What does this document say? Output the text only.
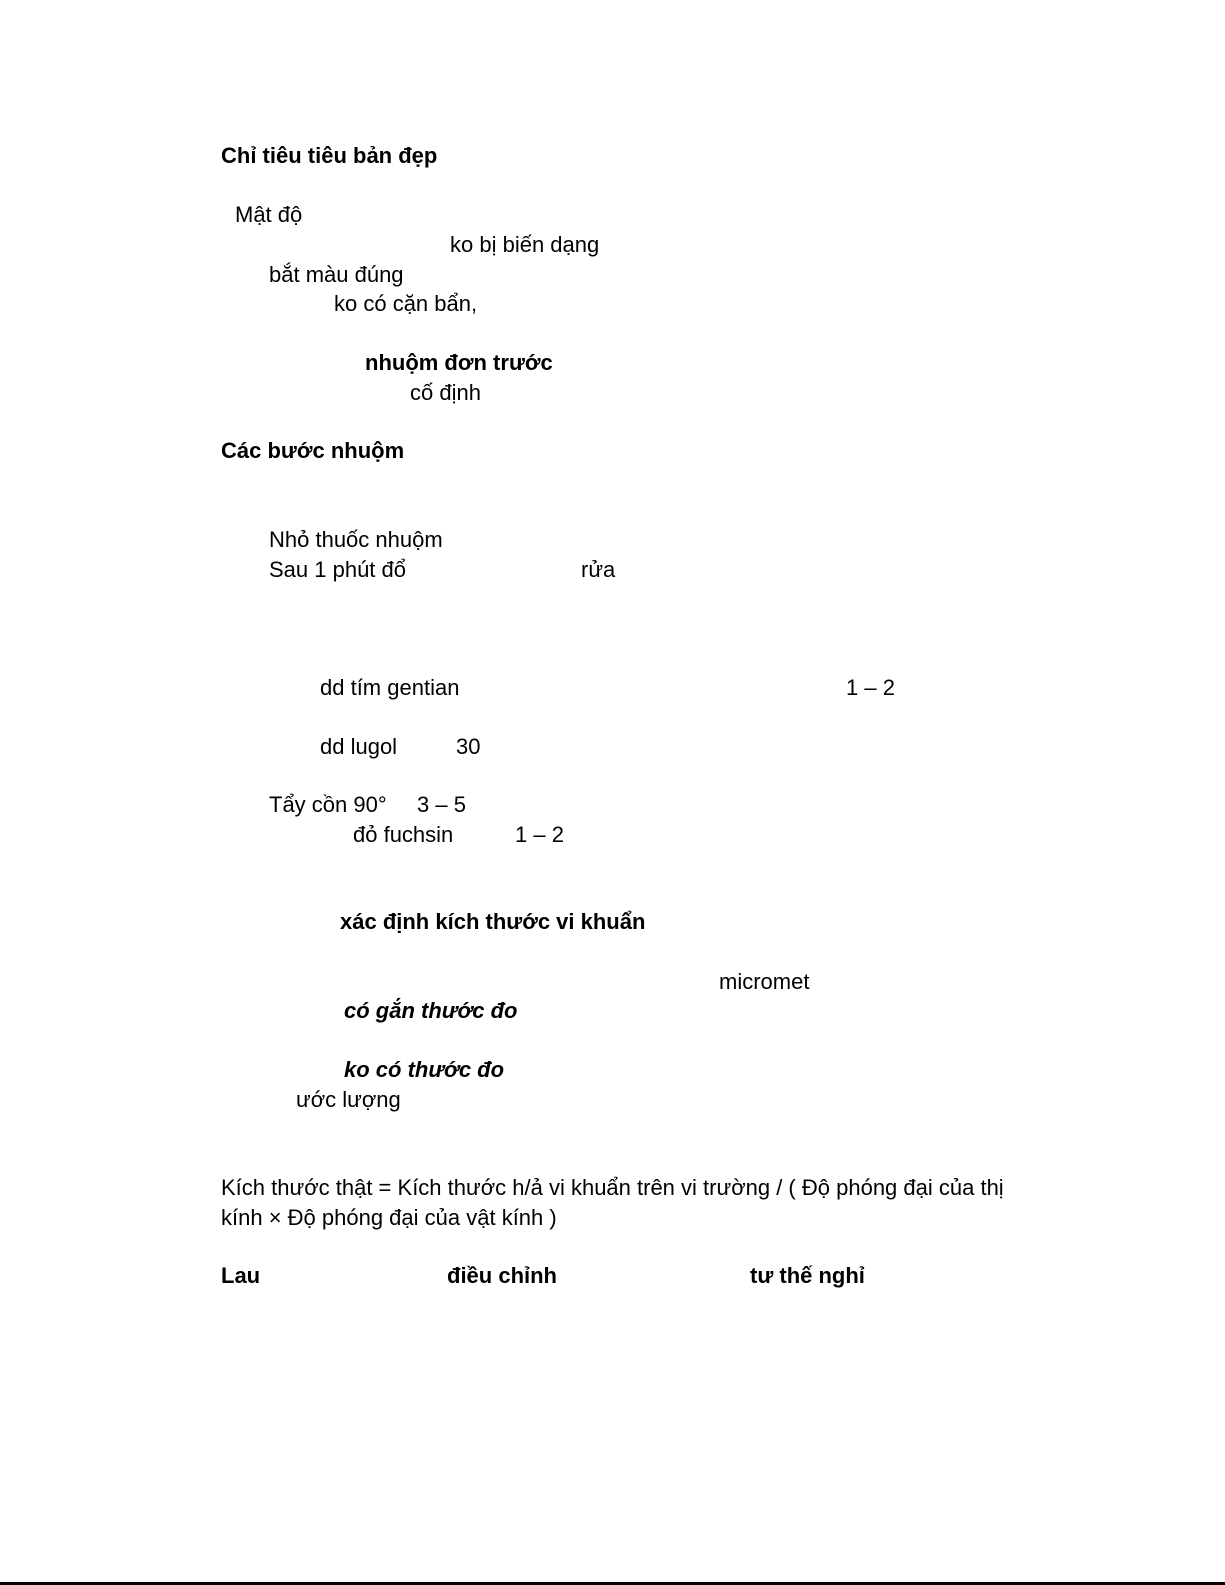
Chỉ tiêu tiêu bản đẹp
Mật độ
ko bị biến dạng
bắt màu đúng
ko có cặn bẩn,
nhuộm đơn trước
cố định
Các bước nhuộm
Nhỏ thuốc nhuộm
Sau 1 phút đổ	rửa
dd tím gentian	1 – 2
dd lugol	30
Tẩy cồn 90° 3 – 5
đỏ fuchsin	1 – 2
xác định kích thước vi khuẩn
micromet
có gắn thước đo
ko có thước đo
ước lượng
Kích thước thật = Kích thước h/ả vi khuẩn trên vi trường / ( Độ phóng đại của thị
kính × Độ phóng đại của vật kính )
Lau	điều chỉnh	tư thế nghỉ
